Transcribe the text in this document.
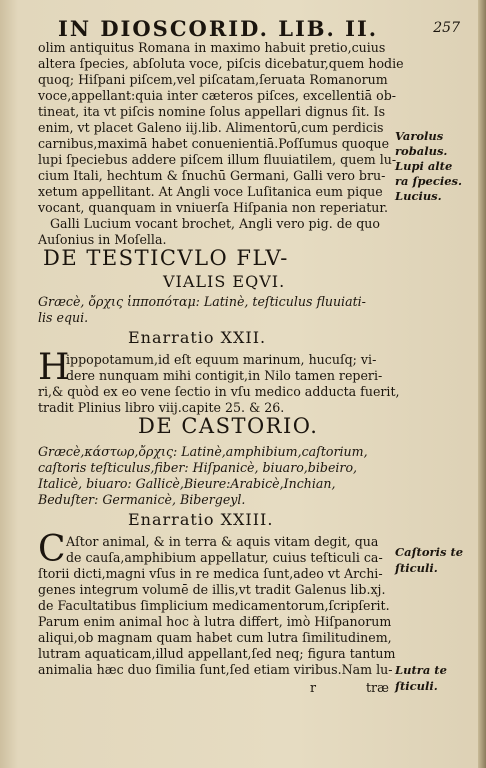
IN DIOSCORID. LIB. II.	257
olim antiquitus Romana in maximo habuit pretio,cuius
altera ſpecies, abſoluta voce, piſcis dicebatur,quem hodie
quoq; Hiſpani piſcem,vel piſcatam,ſeruata Romanorum
voce,appellant:quia inter cæteros piſces, excellentiā ob-
tineat, ita vt piſcis nomine ſolus appellari dignus ſit. Is
enim, vt placet Galeno iij.lib. Alimentorū,cum perdicis
carnibus,maximā habet conuenientiā.Poſſumus quoque
lupi ſpeciebus addere piſcem illum fluuiatilem, quem lu-
cium Itali, hechtum & ſnuchū Germani, Galli vero bru-
xetum appellitant. At Angli voce Luſitanica eum pique
vocant, quanquam in vniuerſa Hiſpania non reperiatur.
Galli Lucium vocant brochet, Angli vero pig. de quo
Auſonius in Moſella.
DE TESTICVLO FLV-
VIALIS EQVI.
Græcè, ὄρχις ἱπποπόταμ: Latinè, teſticulus fluuiati-
lis equi.
Enarratio XXII.
H
ippopotamum,id eſt equum marinum, hucuſq; vi-
dere nunquam mihi contigit,in Nilo tamen reperi-
ri,& quòd ex eo vene ſectio in vſu medico adducta fuerit,
tradit Plinius libro viij.capite 25. & 26.
DE CASTORIO.
Græcè,κάστωρ,ὄρχις: Latinè,amphibium,caſtorium,
caſtoris teſticulus,fiber: Hiſpanicè, biuaro,bibeiro,
Italicè, biuaro: Gallicè,Bieure:Arabicè,Inchian,
Beduſter: Germanicè, Bibergeyl.
Enarratio XXIII.
C Aſtor animal, & in terra & aquis vitam degit, qua
de cauſa,amphibium appellatur, cuius teſticuli ca-
ſtorii dicti,magni vſus in re medica ſunt,adeo vt Archi-
genes integrum volumē de illis,vt tradit Galenus lib.xj.
de Facultatibus ſimplicium medicamentorum,ſcripſerit.
Parum enim animal hoc à lutra differt, imò Hiſpanorum
aliqui,ob magnam quam habet cum lutra ſimilitudinem,
lutram aquaticam,illud appellant,ſed neq; figura tantum
animalia hæc duo ſimilia ſunt,ſed etiam viribus.Nam lu-
r	træ
Varolus
robalus.
Lupi alte
ra ſpecies.
Lucius.
Caſtoris te
ſticuli.
Lutra te
ſticuli.
